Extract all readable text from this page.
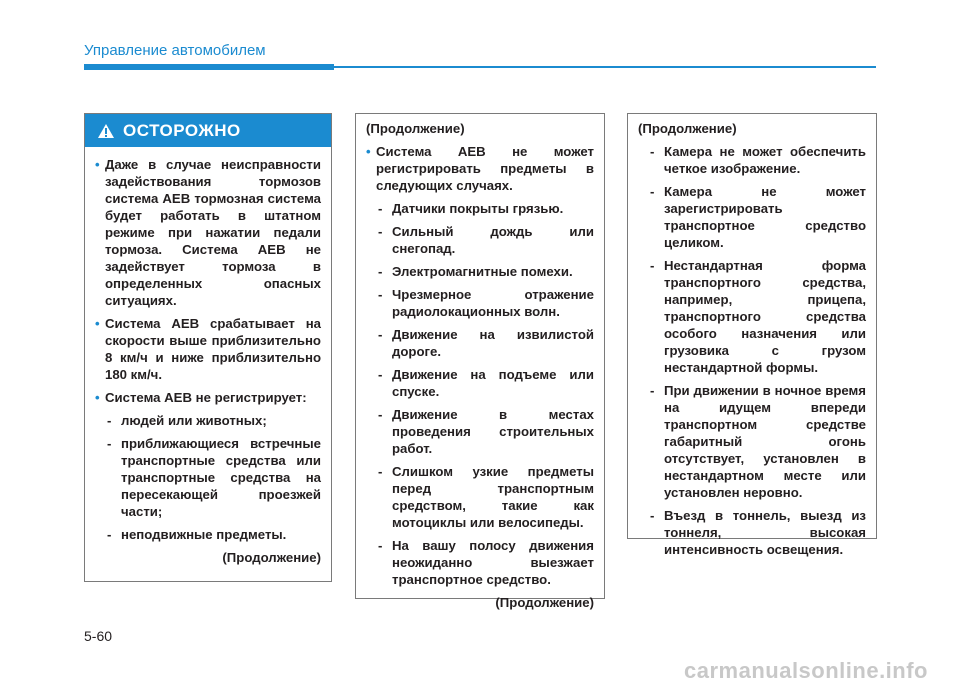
Управление автомобилем
ОСТОРОЖНО
• Даже в случае неисправности задействования тормозов система AEB тормозная система будет работать в штатном режиме при нажатии педали тормоза. Система AEB не задействует тормоза в определенных опасных ситуациях.
• Система AEB срабатывает на скорости выше приблизительно 8 км/ч и ниже приблизительно 180 км/ч.
• Система AEB не регистрирует:
- людей или животных;
- приближающиеся встречные транспортные средства или транспортные средства на пересекающей проезжей части;
- неподвижные предметы.
(Продолжение)
(Продолжение)
• Система AEB не может регистрировать предметы в следующих случаях.
- Датчики покрыты грязью.
- Сильный дождь или снегопад.
- Электромагнитные помехи.
- Чрезмерное отражение радиолокационных волн.
- Движение на извилистой дороге.
- Движение на подъеме или спуске.
- Движение в местах проведения строительных работ.
- Слишком узкие предметы перед транспортным средством, такие как мотоциклы или велосипеды.
- На вашу полосу движения неожиданно выезжает транспортное средство.
(Продолжение)
(Продолжение)
- Камера не может обеспечить четкое изображение.
- Камера не может зарегистрировать транспортное средство целиком.
- Нестандартная форма транспортного средства, например, прицепа, транспортного средства особого назначения или грузовика с грузом нестандартной формы.
- При движении в ночное время на идущем впереди транспортном средстве габаритный огонь отсутствует, установлен в нестандартном месте или установлен неровно.
- Въезд в тоннель, выезд из тоннеля, высокая интенсивность освещения.
5-60
carmanualsonline.info
